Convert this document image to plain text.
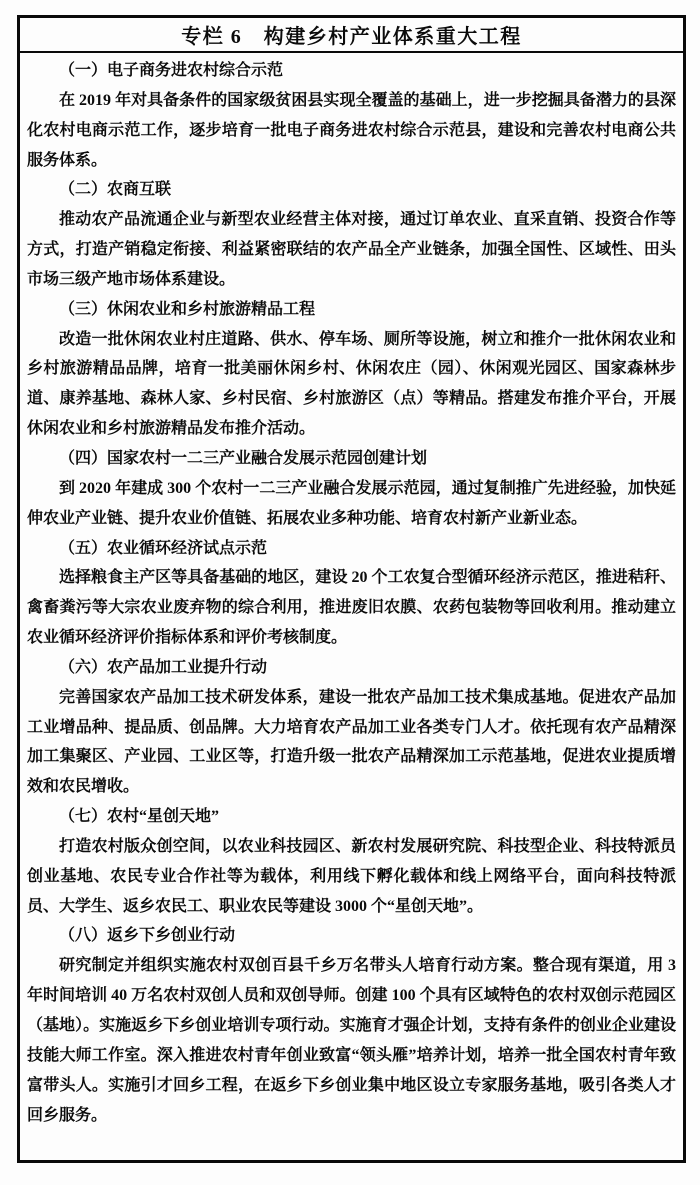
专栏 6　构建乡村产业体系重大工程
（一）电子商务进农村综合示范

在 2019 年对具备条件的国家级贫困县实现全覆盖的基础上，进一步挖掘具备潜力的县深化农村电商示范工作，逐步培育一批电子商务进农村综合示范县，建设和完善农村电商公共服务体系。

（二）农商互联

推动农产品流通企业与新型农业经营主体对接，通过订单农业、直采直销、投资合作等方式，打造产销稳定衔接、利益紧密联结的农产品全产业链条，加强全国性、区域性、田头市场三级产地市场体系建设。

（三）休闲农业和乡村旅游精品工程

改造一批休闲农业村庄道路、供水、停车场、厕所等设施，树立和推介一批休闲农业和乡村旅游精品品牌，培育一批美丽休闲乡村、休闲农庄（园）、休闲观光园区、国家森林步道、康养基地、森林人家、乡村民宿、乡村旅游区（点）等精品。搭建发布推介平台，开展休闲农业和乡村旅游精品发布推介活动。

（四）国家农村一二三产业融合发展示范园创建计划

到 2020 年建成 300 个农村一二三产业融合发展示范园，通过复制推广先进经验，加快延伸农业产业链、提升农业价值链、拓展农业多种功能、培育农村新产业新业态。

（五）农业循环经济试点示范

选择粮食主产区等具备基础的地区，建设 20 个工农复合型循环经济示范区，推进秸秆、禽畜粪污等大宗农业废弃物的综合利用，推进废旧农膜、农药包装物等回收利用。推动建立农业循环经济评价指标体系和评价考核制度。

（六）农产品加工业提升行动

完善国家农产品加工技术研发体系，建设一批农产品加工技术集成基地。促进农产品加工业增品种、提品质、创品牌。大力培育农产品加工业各类专门人才。依托现有农产品精深加工集聚区、产业园、工业区等，打造升级一批农产品精深加工示范基地，促进农业提质增效和农民增收。

（七）农村“星创天地”

打造农村版众创空间，以农业科技园区、新农村发展研究院、科技型企业、科技特派员创业基地、农民专业合作社等为载体，利用线下孵化载体和线上网络平台，面向科技特派员、大学生、返乡农民工、职业农民等建设 3000 个“星创天地”。

（八）返乡下乡创业行动

研究制定并组织实施农村双创百县千乡万名带头人培育行动方案。整合现有渠道，用 3 年时间培训 40 万名农村双创人员和双创导师。创建 100 个具有区域特色的农村双创示范园区（基地）。实施返乡下乡创业培训专项行动。实施育才强企计划，支持有条件的创业企业建设技能大师工作室。深入推进农村青年创业致富“领头雁”培养计划，培养一批全国农村青年致富带头人。实施引才回乡工程，在返乡下乡创业集中地区设立专家服务基地，吸引各类人才回乡服务。
